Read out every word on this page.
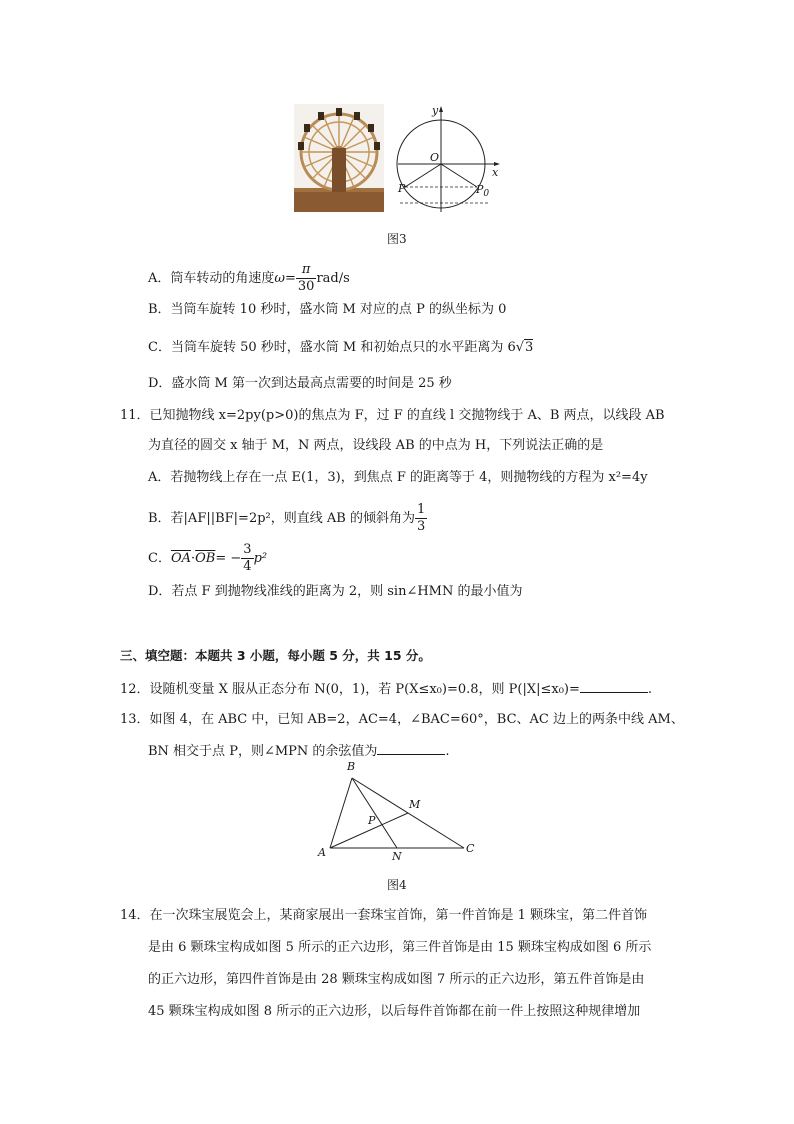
y
x
O
P	$P_0$
图3
A．筒车转动的角速度$\omega= \frac{\pi}{30} rad/s$
B．当筒车旋转 10 秒时，盛水筒 M 对应的点 P 的纵坐标为 0
C．当筒车旋转 50 秒时，盛水筒 M 和初始点只的水平距离为 6√3
D．盛水筒 M 第一次到达最高点需要的时间是 25 秒
11．已知抛物线 x=2py(p>0)的焦点为 F，过 F 的直线 l 交抛物线于 A、B 两点，以线段 AB
为直径的圆交 x 轴于 M，N 两点，设线段 AB 的中点为 H，下列说法正确的是
A．若抛物线上存在一点 E(1，3)，到焦点 F 的距离等于 4，则抛物线的方程为 x²=4y
B．若|AF||BF|=2p²，则直线 AB 的倾斜角为 $\frac{1}{3}$
C．$\overline{OA}\cdot\overline{OB}= - \frac{3}{4} p^2$
D．若点 F 到抛物线准线的距离为 2，则 sin∠HMN 的最小值为
三、填空题：本题共 3 小题，每小题 5 分，共 15 分。
12．设随机变量 X 服从正态分布 N(0，1)，若 P(X≤x₀)=0.8，则 P(|X|≤x₀)=	.
13．如图 4，在 ABC 中，已知 AB=2，AC=4，∠BAC=60°，BC、AC 边上的两条中线 AM、
BN 相交于点 P，则∠MPN 的余弦值为	.
B
M
P
A	N
C
图4
14．在一次珠宝展览会上，某商家展出一套珠宝首饰，第一件首饰是 1 颗珠宝，第二件首饰
是由 6 颗珠宝构成如图 5 所示的正六边形，第三件首饰是由 15 颗珠宝构成如图 6 所示
的正六边形，第四件首饰是由 28 颗珠宝构成如图 7 所示的正六边形，第五件首饰是由
45 颗珠宝构成如图 8 所示的正六边形，以后每件首饰都在前一件上按照这种规律增加
